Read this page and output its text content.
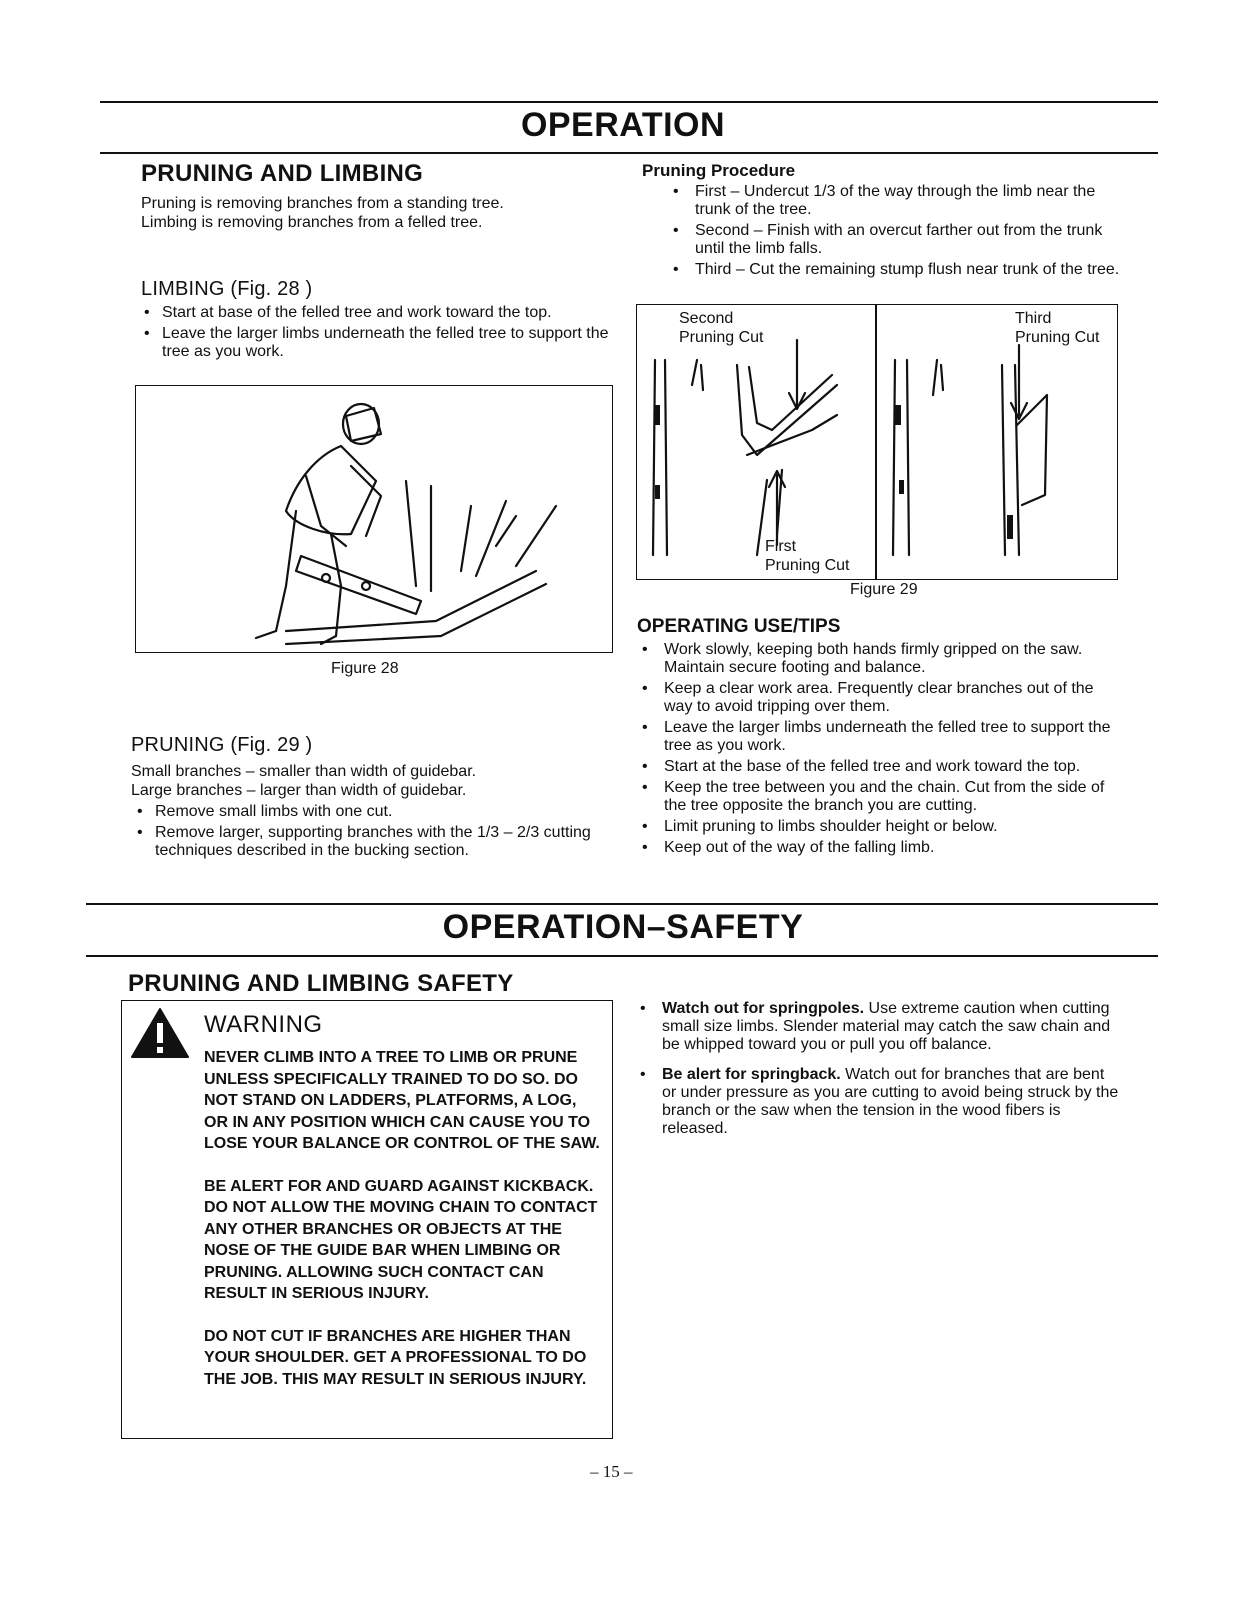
OPERATION
PRUNING AND LIMBING

Pruning is removing branches from a standing tree.

Limbing is removing branches from a felled tree.

LIMBING (Fig. 28 )
• Start at base of the felled tree and work toward the top.
• Leave the larger limbs underneath the felled tree to support the tree as you work.
Figure 28
PRUNING (Fig. 29 )

Small branches – smaller than width of guidebar.

Large branches – larger than width of guidebar.

• Remove small limbs with one cut.
• Remove larger, supporting branches with the 1/3 – 2/3 cutting techniques described in the bucking section.
Pruning Procedure
• First – Undercut 1/3 of the way through the limb near the trunk of the tree.
• Second – Finish with an overcut farther out from the trunk until the limb falls.
• Third – Cut the remaining stump flush near trunk of the tree.
Second
Pruning Cut
Third
Pruning Cut
First
Pruning Cut
Figure 29
OPERATING USE/TIPS
• Work slowly, keeping both hands firmly gripped on the saw. Maintain secure footing and balance.
• Keep a clear work area. Frequently clear branches out of the way to avoid tripping over them.
• Leave the larger limbs underneath the felled tree to support the tree as you work.
• Start at the base of the felled tree and work toward the top.
• Keep the tree between you and the chain. Cut from the side of the tree opposite the branch you are cutting.
• Limit pruning to limbs shoulder height or below.
• Keep out of the way of the falling limb.
OPERATION–SAFETY
PRUNING AND LIMBING SAFETY
WARNING

NEVER CLIMB INTO A TREE TO LIMB OR PRUNE UNLESS SPECIFICALLY TRAINED TO DO SO. DO NOT STAND ON LADDERS, PLATFORMS, A LOG, OR IN ANY POSITION WHICH CAN CAUSE YOU TO LOSE YOUR BALANCE OR CONTROL OF THE SAW.

BE ALERT FOR AND GUARD AGAINST KICKBACK. DO NOT ALLOW THE MOVING CHAIN TO CONTACT ANY OTHER BRANCHES OR OBJECTS AT THE NOSE OF THE GUIDE BAR WHEN LIMBING OR PRUNING. ALLOWING SUCH CONTACT CAN RESULT IN SERIOUS INJURY.

DO NOT CUT IF BRANCHES ARE HIGHER THAN YOUR SHOULDER. GET A PROFESSIONAL TO DO THE JOB. THIS MAY RESULT IN SERIOUS INJURY.

• Watch out for springpoles. Use extreme caution when cutting small size limbs. Slender material may catch the saw chain and be whipped toward you or pull you off balance.
• Be alert for springback. Watch out for branches that are bent or under pressure as you are cutting to avoid being struck by the branch or the saw when the tension in the wood fibers is released.
– 15 –
